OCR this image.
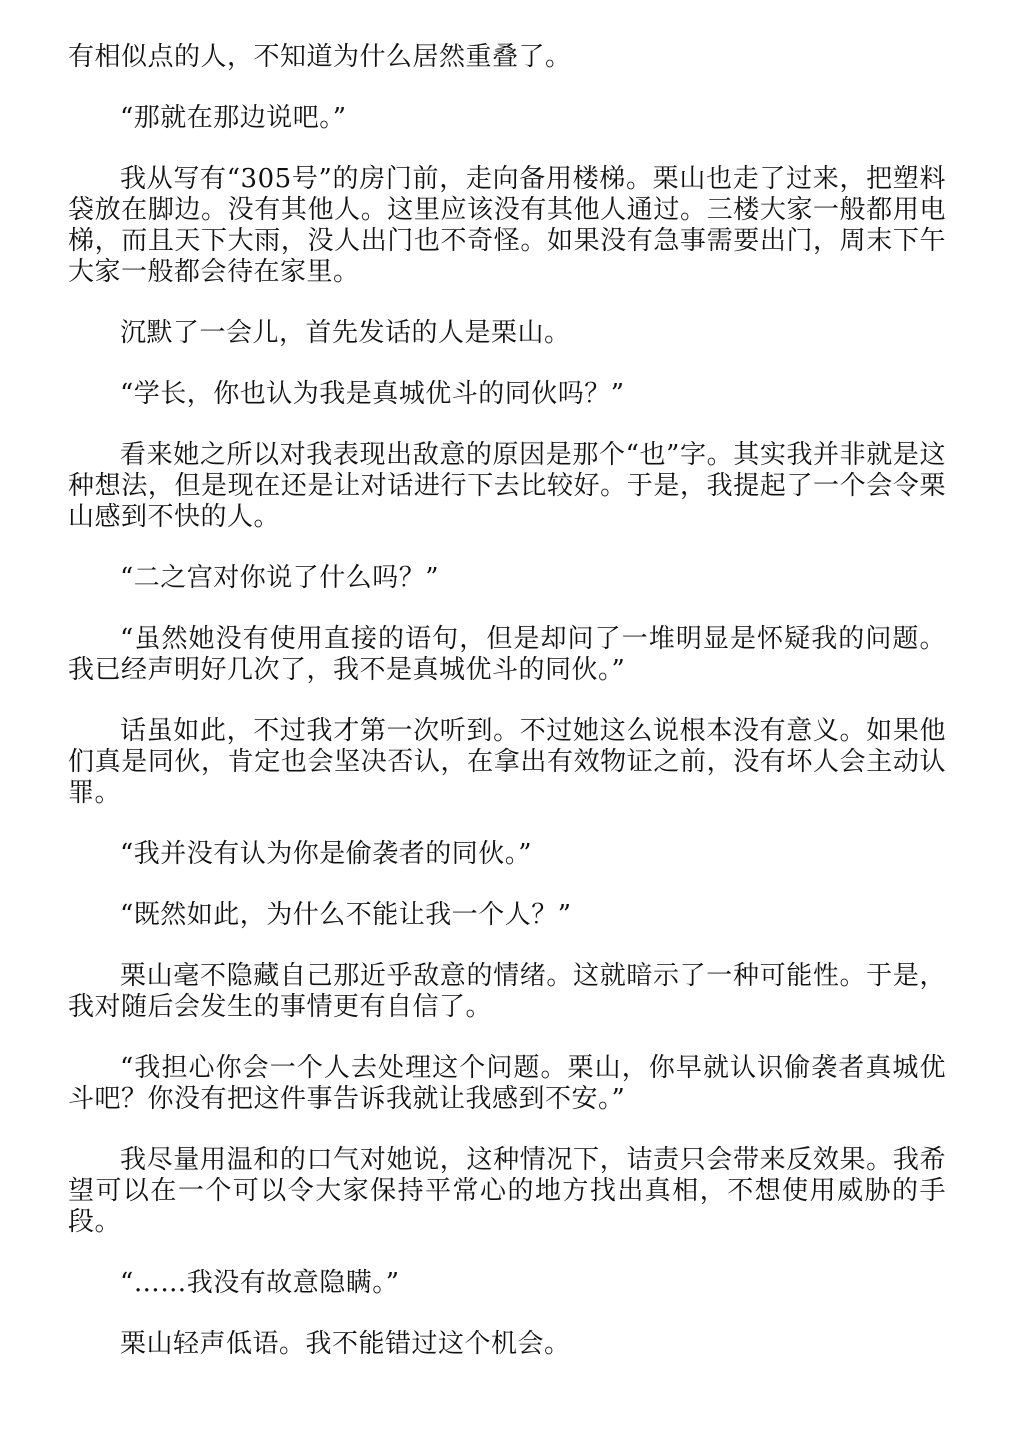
有相似点的人，不知道为什么居然重叠了。

“那就在那边说吧。”

我从写有“305号”的房门前，走向备用楼梯。栗山也走了过来，把塑料袋放在脚边。没有其他人。这里应该没有其他人通过。三楼大家一般都用电梯，而且天下大雨，没人出门也不奇怪。如果没有急事需要出门，周末下午大家一般都会待在家里。

沉默了一会儿，首先发话的人是栗山。

“学长，你也认为我是真城优斗的同伙吗？”

看来她之所以对我表现出敌意的原因是那个“也”字。其实我并非就是这种想法，但是现在还是让对话进行下去比较好。于是，我提起了一个会令栗山感到不快的人。

“二之宫对你说了什么吗？”

“虽然她没有使用直接的语句，但是却问了一堆明显是怀疑我的问题。我已经声明好几次了，我不是真城优斗的同伙。”

话虽如此，不过我才第一次听到。不过她这么说根本没有意义。如果他们真是同伙，肯定也会坚决否认，在拿出有效物证之前，没有坏人会主动认罪。

“我并没有认为你是偷袭者的同伙。”

“既然如此，为什么不能让我一个人？”

栗山毫不隐藏自己那近乎敌意的情绪。这就暗示了一种可能性。于是，我对随后会发生的事情更有自信了。

“我担心你会一个人去处理这个问题。栗山，你早就认识偷袭者真城优斗吧？你没有把这件事告诉我就让我感到不安。”

我尽量用温和的口气对她说，这种情况下，诘责只会带来反效果。我希望可以在一个可以令大家保持平常心的地方找出真相，不想使用威胁的手段。

“……我没有故意隐瞒。”

栗山轻声低语。我不能错过这个机会。
